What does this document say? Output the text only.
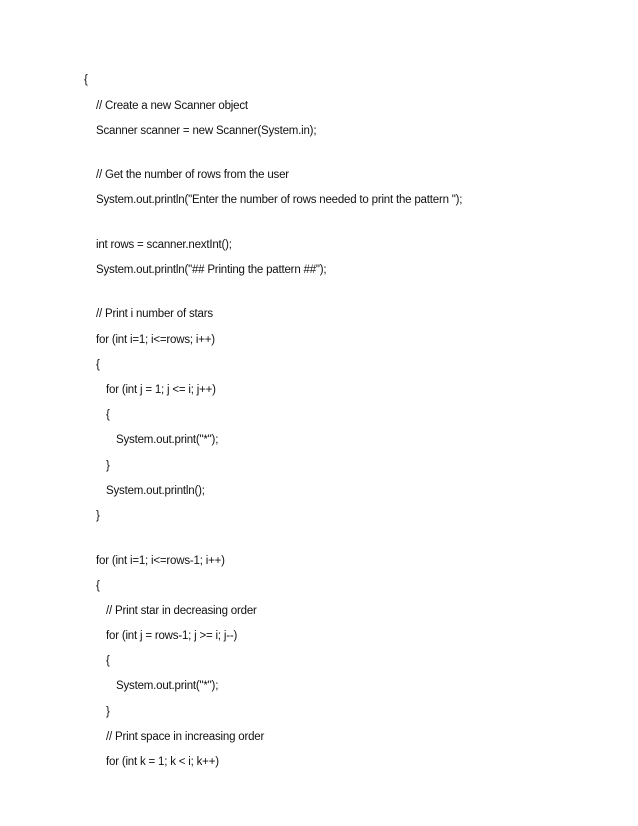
{
// Create a new Scanner object
Scanner scanner = new Scanner(System.in);
// Get the number of rows from the user
System.out.println("Enter the number of rows needed to print the pattern ");
int rows = scanner.nextInt();
System.out.println("## Printing the pattern ##");
// Print i number of stars
for (int i=1; i<=rows; i++)
{
for (int j = 1; j <= i; j++)
{
System.out.print("*");
}
System.out.println();
}
for (int i=1; i<=rows-1; i++)
{
// Print star in decreasing order
for (int j = rows-1; j >= i; j--)
{
System.out.print("*");
}
// Print space in increasing order
for (int k = 1; k < i; k++)
